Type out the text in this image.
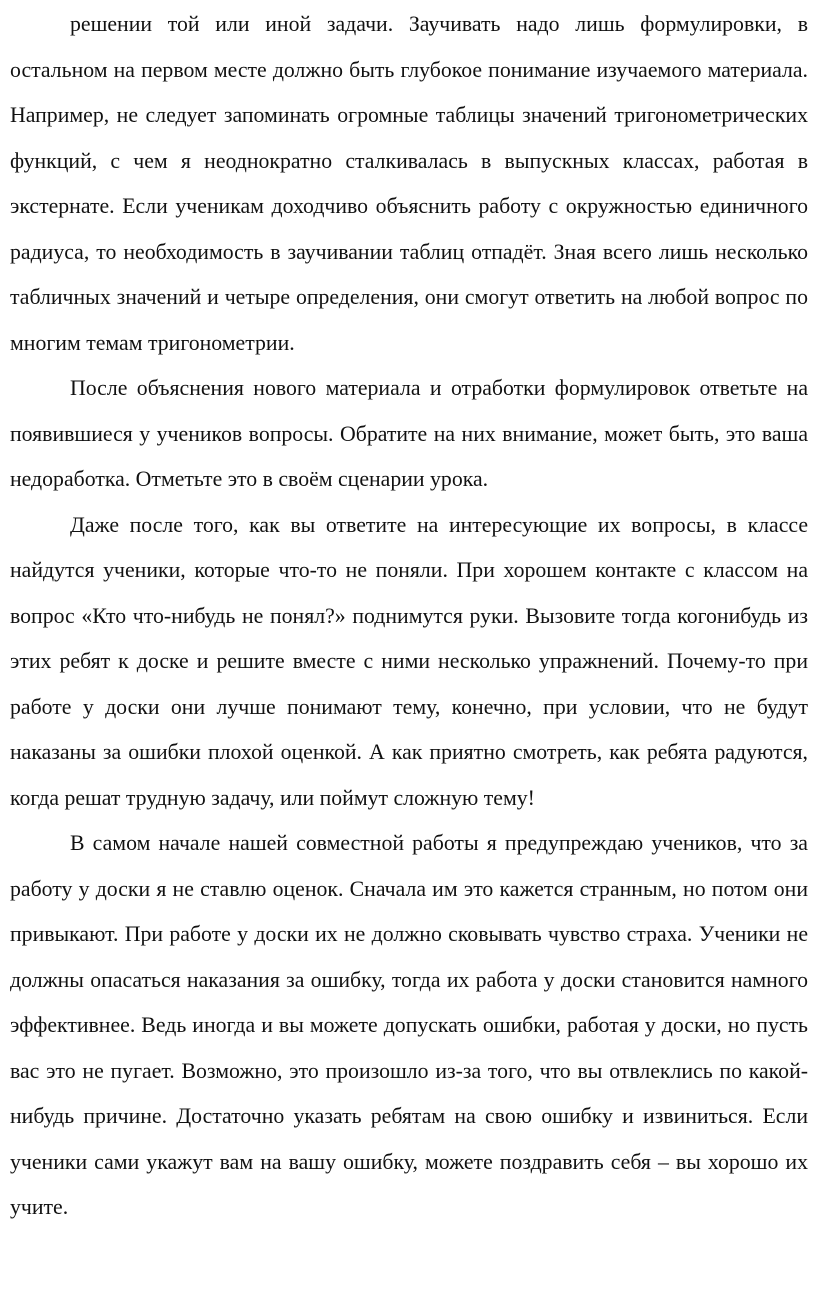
решении той или иной задачи. Заучивать надо лишь формулировки, в остальном на первом месте должно быть глубокое понимание изучаемого материала. Например, не следует запоминать огромные таблицы значений тригонометрических функций, с чем я неоднократно сталкивалась в выпускных классах, работая в экстернате. Если ученикам доходчиво объяснить работу с окружностью единичного радиуса, то необходимость в заучивании таблиц отпадёт. Зная всего лишь несколько табличных значений и четыре определения, они смогут ответить на любой вопрос по многим темам тригонометрии.

После объяснения нового материала и отработки формулировок ответьте на появившиеся у учеников вопросы. Обратите на них внимание, может быть, это ваша недоработка. Отметьте это в своём сценарии урока.

Даже после того, как вы ответите на интересующие их вопросы, в классе найдутся ученики, которые что-то не поняли. При хорошем контакте с классом на вопрос «Кто что-нибудь не понял?» поднимутся руки. Вызовите тогда когонибудь из этих ребят к доске и решите вместе с ними несколько упражнений. Почему-то при работе у доски они лучше понимают тему, конечно, при условии, что не будут наказаны за ошибки плохой оценкой. А как приятно смотреть, как ребята радуются, когда решат трудную задачу, или поймут сложную тему!

В самом начале нашей совместной работы я предупреждаю учеников, что за работу у доски я не ставлю оценок. Сначала им это кажется странным, но потом они привыкают. При работе у доски их не должно сковывать чувство страха. Ученики не должны опасаться наказания за ошибку, тогда их работа у доски становится намного эффективнее. Ведь иногда и вы можете допускать ошибки, работая у доски, но пусть вас это не пугает. Возможно, это произошло из-за того, что вы отвлеклись по какой-нибудь причине. Достаточно указать ребятам на свою ошибку и извиниться. Если ученики сами укажут вам на вашу ошибку, можете поздравить себя – вы хорошо их учите.
